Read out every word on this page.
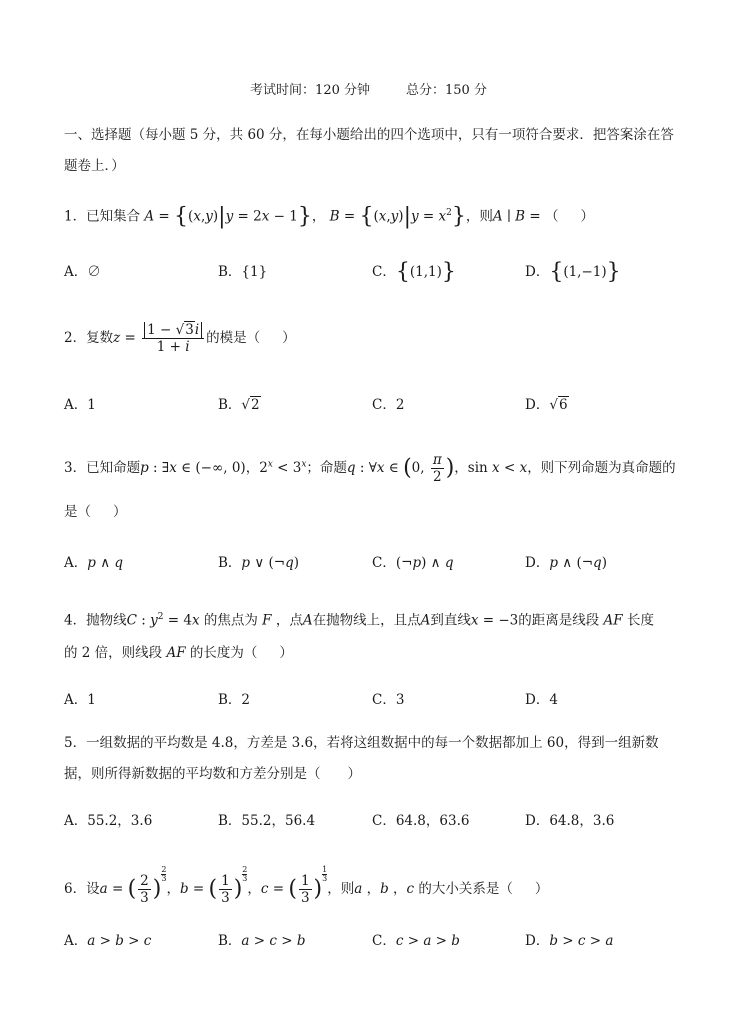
考试时间：120 分钟	总分：150 分
一、选择题（每小题 5 分，共 60 分，在每小题给出的四个选项中，只有一项符合要求．把答案涂在答题卷上．）
1．已知集合 A = {(x,y)|y = 2x − 1}， $B = \{(x,y)|y = x^2\}$，则A ∣ B = （ ）
A．∅	B．{1}	C．{(1,1)}	D．{(1,−1)}
2．复数$z = \frac{1 - √3i}{1 + i}$ 的模是（ ）
A．1	B．√2	C．2	D．√6
3．已知命题p : ∃x ∈ (−∞, 0)，$2^x < 3^x$；命题q : ∀x ∈ (0, $\frac{\pi}{2}$ )，sin x < x，则下列命题为真命题的
是（ ）
A．p ∧ q	B．p ∨ (¬q)	C．(¬p) ∧ q	D．p ∧ (¬q)
4．抛物线C : $y^2 = 4x$ 的焦点为 F ，点A在抛物线上，且点A到直线x = −3的距离是线段 AF 长度
的 2 倍，则线段 AF 的长度为（ ）
A．1	B．2	C．3	D．4
5．一组数据的平均数是 4.8，方差是 3.6，若将这组数据中的每一个数据都加上 60，得到一组新数据，则所得新数据的平均数和方差分别是（　　）
A．55.2，3.6	B．55.2，56.4	C．64.8，63.6	D．64.8，3.6
6．设a = ( $\frac{2}{3}$ )
$\frac{2}{3}$
，b = ( $\frac{1}{3}$ )
$\frac{2}{3}$
，c = ( $\frac{1}{3}$ )
$\frac{1}{3}$
，则a ，b ，c 的大小关系是（ ）
A．a > b > c	B．a > c > b	C．c > a > b	D．b > c > a
